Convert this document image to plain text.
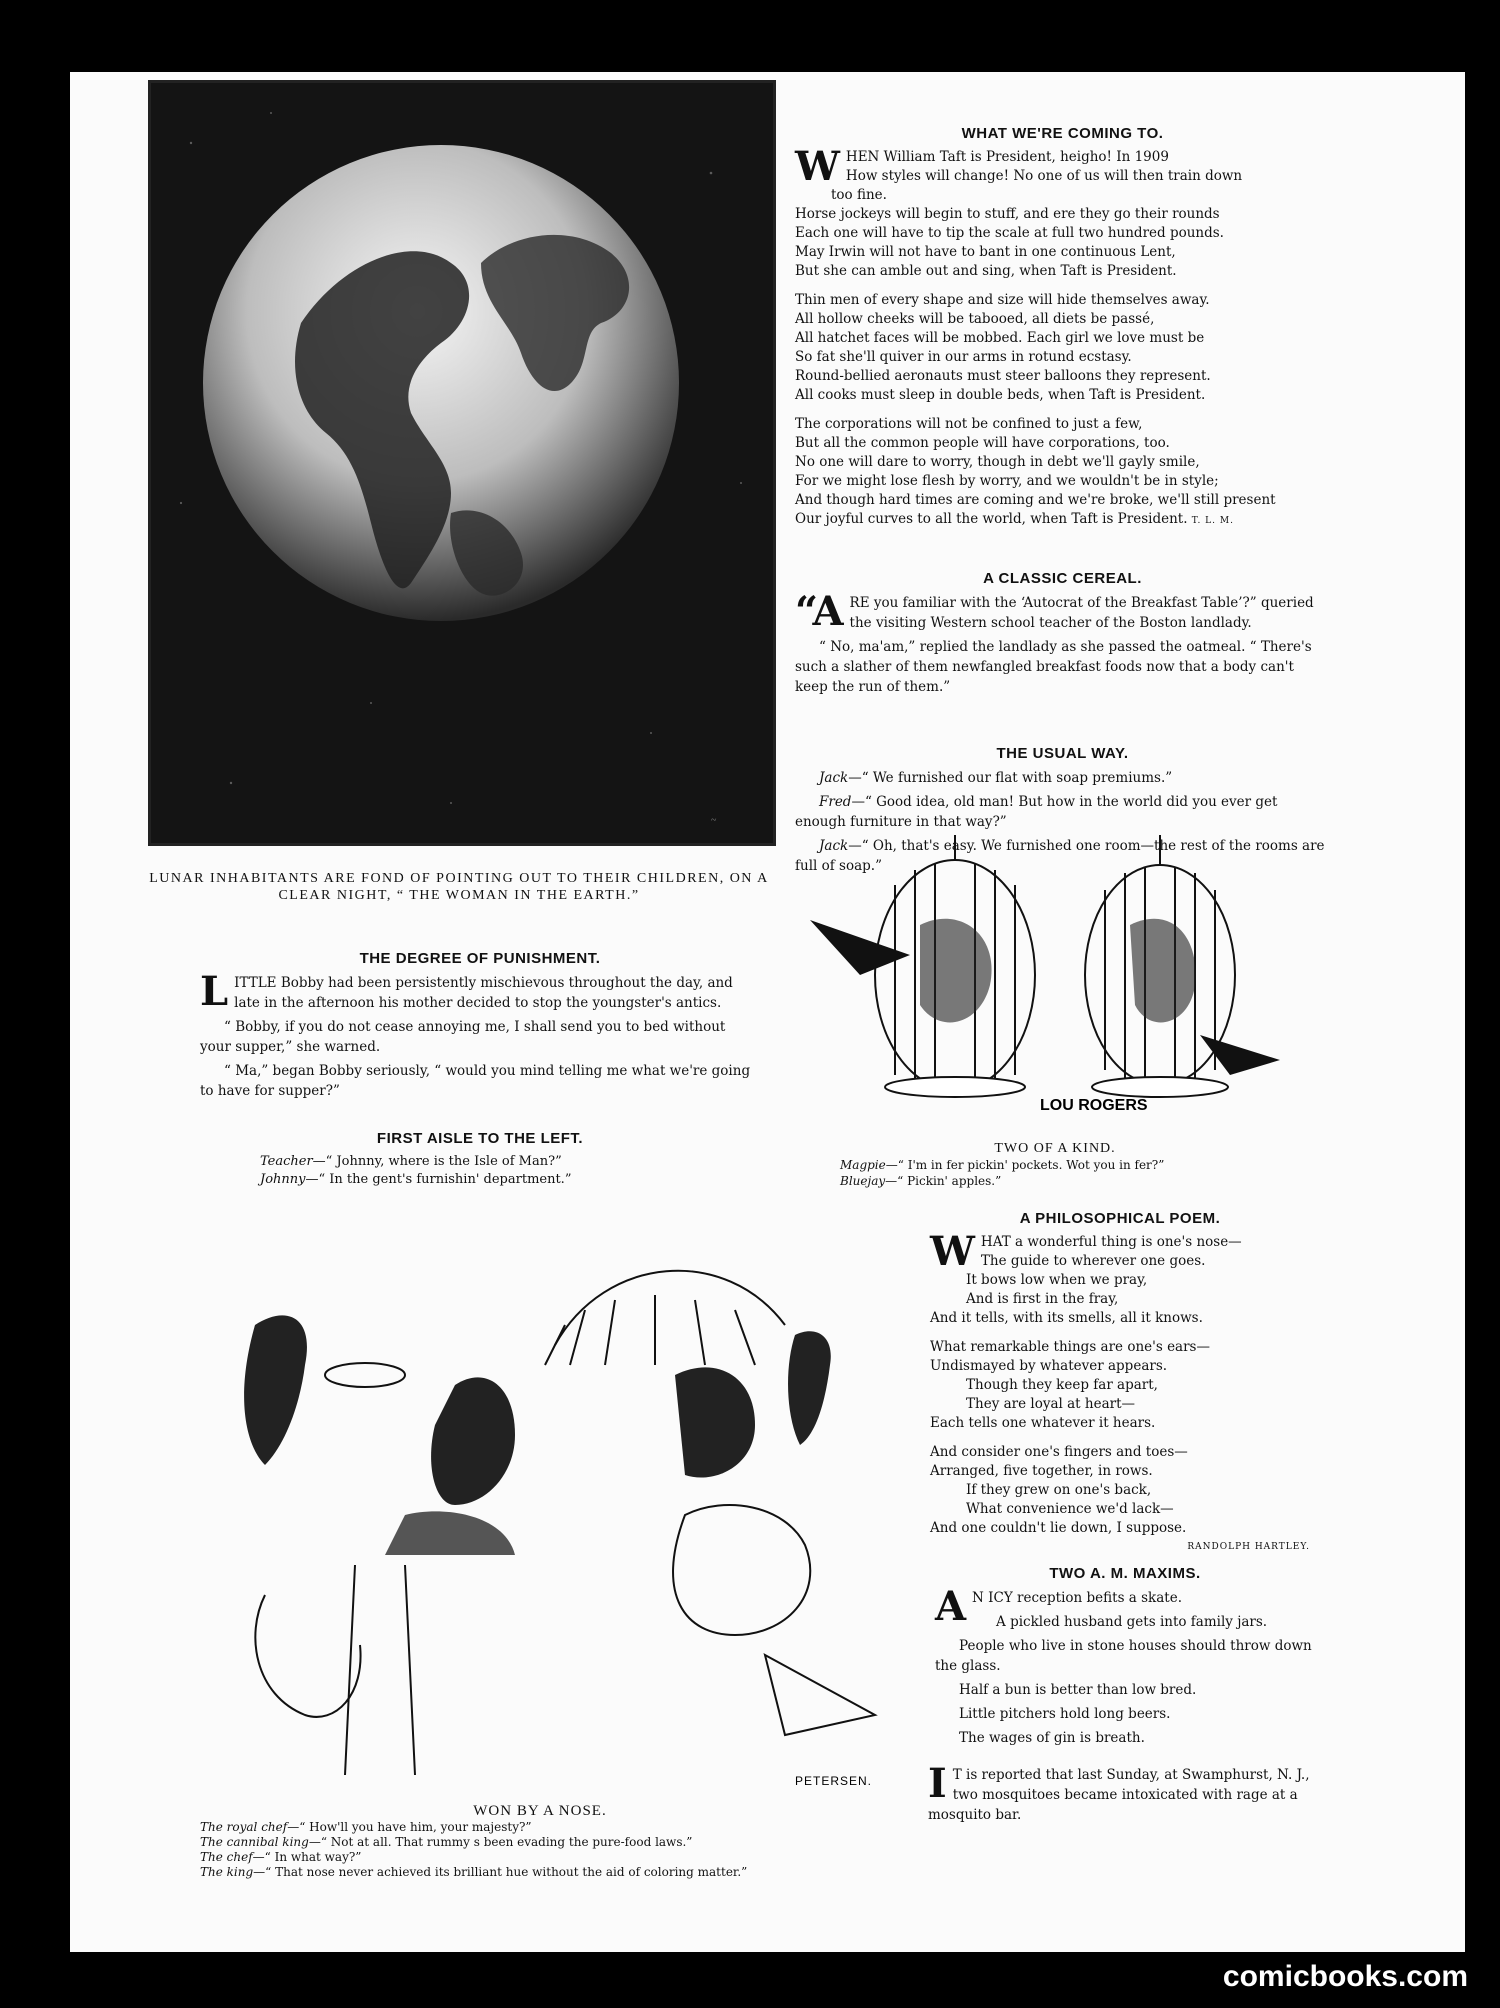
~
LUNAR INHABITANTS ARE FOND OF POINTING OUT TO THEIR CHILDREN, ON A CLEAR NIGHT, “ THE WOMAN IN THE EARTH.”
THE DEGREE OF PUNISHMENT.

LITTLE Bobby had been persistently mischievous throughout the day, and late in the afternoon his mother decided to stop the youngster's antics.

“ Bobby, if you do not cease annoying me, I shall send you to bed without your supper,” she warned.

“ Ma,” began Bobby seriously, “ would you mind telling me what we're going to have for supper?”

FIRST AISLE TO THE LEFT.
Teacher—“ Johnny, where is the Isle of Man?”
Johnny—“ In the gent's furnishin' department.”
WHAT WE'RE COMING TO.
W HEN William Taft is President, heigho! In 1909
How styles will change! No one of us will then train down
too fine.
Horse jockeys will begin to stuff, and ere they go their rounds
Each one will have to tip the scale at full two hundred pounds.
May Irwin will not have to bant in one continuous Lent,
But she can amble out and sing, when Taft is President.
Thin men of every shape and size will hide themselves away.
All hollow cheeks will be tabooed, all diets be passé,
All hatchet faces will be mobbed. Each girl we love must be
So fat she'll quiver in our arms in rotund ecstasy.
Round-bellied aeronauts must steer balloons they represent.
All cooks must sleep in double beds, when Taft is President.
The corporations will not be confined to just a few,
But all the common people will have corporations, too.
No one will dare to worry, though in debt we'll gayly smile,
For we might lose flesh by worry, and we wouldn't be in style;
And though hard times are coming and we're broke, we'll still present
Our joyful curves to all the world, when Taft is President. T. L. M.
A CLASSIC CEREAL.

“ARE you familiar with the ‘Autocrat of the Breakfast Table’?” queried the visiting Western school teacher of the Boston landlady.

“ No, ma'am,” replied the landlady as she passed the oatmeal. “ There's such a slather of them newfangled breakfast foods now that a body can't keep the run of them.”

THE USUAL WAY.

Jack—“ We furnished our flat with soap premiums.”

Fred—“ Good idea, old man! But how in the world did you ever get enough furniture in that way?”

Jack—“ Oh, that's easy. We furnished one room—the rest of the rooms are full of soap.”

LOU ROGERS
TWO OF A KIND.
Magpie—“ I'm in fer pickin' pockets. Wot you in fer?”
Bluejay—“ Pickin' apples.”
A PHILOSOPHICAL POEM.
W HAT a wonderful thing is one's nose—
The guide to wherever one goes.
It bows low when we pray,
And is first in the fray,
And it tells, with its smells, all it knows.
What remarkable things are one's ears—
Undismayed by whatever appears.
Though they keep far apart,
They are loyal at heart—
Each tells one whatever it hears.
And consider one's fingers and toes—
Arranged, five together, in rows.
If they grew on one's back,
What convenience we'd lack—
And one couldn't lie down, I suppose.
RANDOLPH HARTLEY.
TWO A. M. MAXIMS.

A N ICY reception befits a skate.

A pickled husband gets into family jars.

People who live in stone houses should throw down the glass.

Half a bun is better than low bred.

Little pitchers hold long beers.

The wages of gin is breath.

I T is reported that last Sunday, at Swamphurst, N. J., two mosquitoes became intoxicated with rage at a mosquito bar.

PETERSEN.
WON BY A NOSE.
The royal chef—“ How'll you have him, your majesty?”
The cannibal king—“ Not at all. That rummy s been evading the pure-food laws.”
The chef—“ In what way?”
The king—“ That nose never achieved its brilliant hue without the aid of coloring matter.”
comicbooks.com
